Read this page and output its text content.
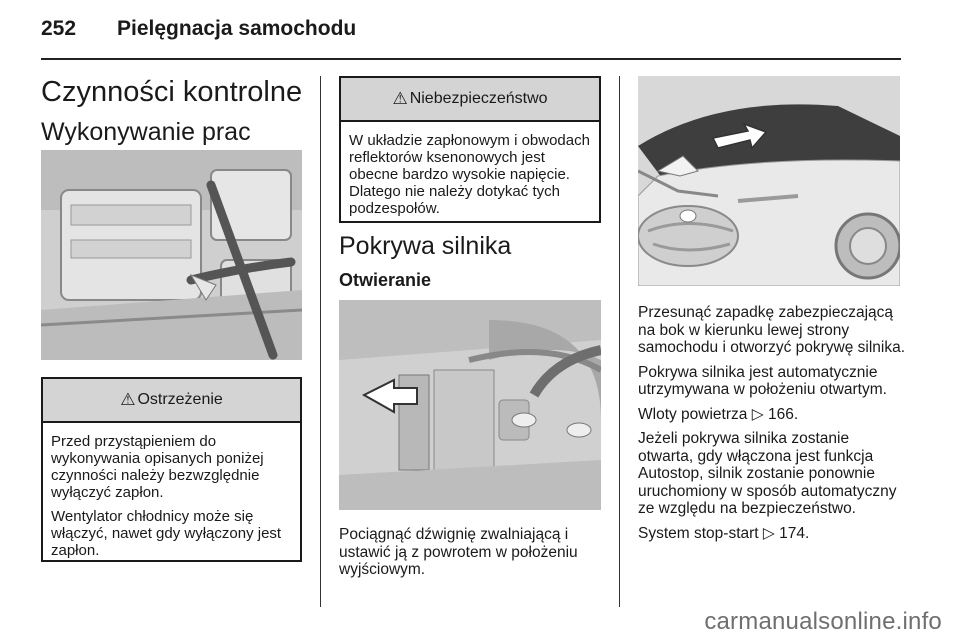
252 Pielęgnacja samochodu
Czynności kontrolne
Wykonywanie prac
⚠ Ostrzeżenie

Przed przystąpieniem do wykonywania opisanych poniżej czynności należy bezwzględnie wyłączyć zapłon.

Wentylator chłodnicy może się włączyć, nawet gdy wyłączony jest zapłon.

⚠ Niebezpieczeństwo

W układzie zapłonowym i obwodach reflektorów ksenonowych jest obecne bardzo wysokie napięcie. Dlatego nie należy dotykać tych podzespołów.

Pokrywa silnika
Otwieranie

Pociągnąć dźwignię zwalniającą i ustawić ją z powrotem w położeniu wyjściowym.

Przesunąć zapadkę zabezpieczającą na bok w kierunku lewej strony samochodu i otworzyć pokrywę silnika.

Pokrywa silnika jest automatycznie utrzymywana w położeniu otwartym.

Wloty powietrza ▷ 166.

Jeżeli pokrywa silnika zostanie otwarta, gdy włączona jest funkcja Autostop, silnik zostanie ponownie uruchomiony w sposób automatyczny ze względu na bezpieczeństwo.

System stop-start ▷ 174.

carmanualsonline.info
